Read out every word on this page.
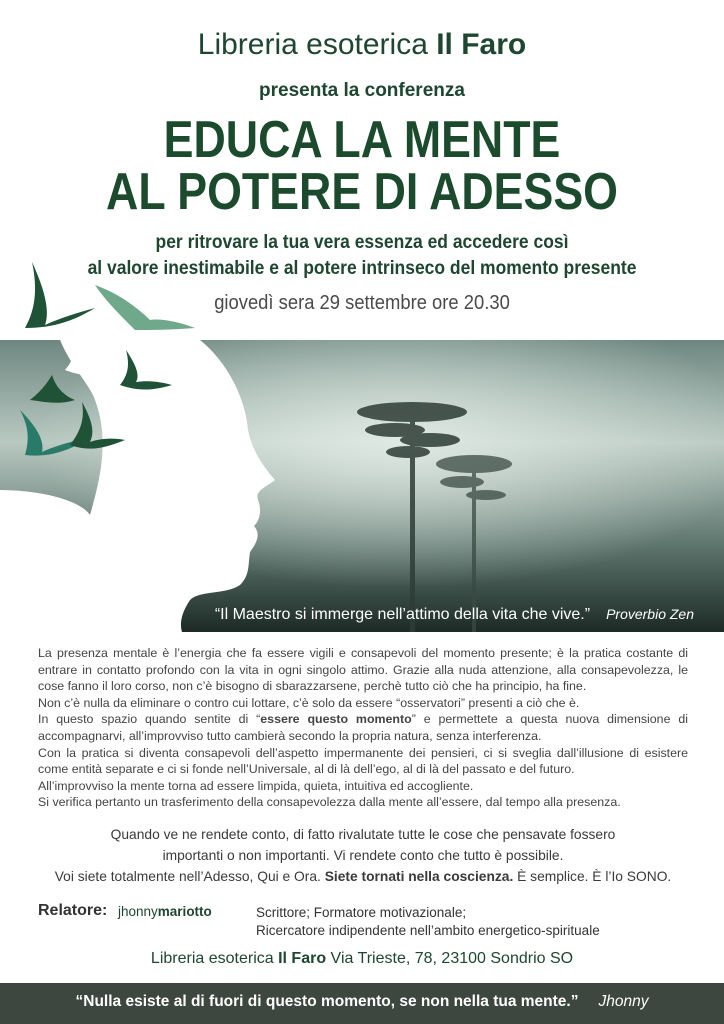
Libreria esoterica Il Faro
presenta la conferenza
EDUCA LA MENTE
AL POTERE DI ADESSO
per ritrovare la tua vera essenza ed accedere così
al valore inestimabile e al potere intrinseco del momento presente
giovedì sera 29 settembre ore 20.30
“Il Maestro si immerge nell’attimo della vita che vive.” Proverbio Zen

La presenza mentale è l’energia che fa essere vigili e consapevoli del momento presente; è la pratica costante di entrare in contatto profondo con la vita in ogni singolo attimo. Grazie alla nuda attenzione, alla consapevolezza, le cose fanno il loro corso, non c’è bisogno di sbarazzarsene, perchè tutto ciò che ha principio, ha fine.

Non c’è nulla da eliminare o contro cui lottare, c’è solo da essere “osservatori” presenti a ciò che è.

In questo spazio quando sentite di “essere questo momento” e permettete a questa nuova dimensione di accompagnarvi, all’improvviso tutto cambierà secondo la propria natura, senza interferenza.

Con la pratica si diventa consapevoli dell’aspetto impermanente dei pensieri, ci si sveglia dall’illusione di esistere come entità separate e ci si fonde nell’Universale, al di là dell’ego, al di là del passato e del futuro.

All’improvviso la mente torna ad essere limpida, quieta, intuitiva ed accogliente.

Si verifica pertanto un trasferimento della consapevolezza dalla mente all’essere, dal tempo alla presenza.

Quando ve ne rendete conto, di fatto rivalutate tutte le cose che pensavate fossero

importanti o non importanti. Vi rendete conto che tutto è possibile.

Voi siete totalmente nell’Adesso, Qui e Ora. Siete tornati nella coscienza. È semplice. È l’Io SONO.

Relatore: jhonnymariotto	Scrittore; Formatore motivazionale;
Ricercatore indipendente nell’ambito energetico-spirituale
Libreria esoterica Il Faro Via Trieste, 78, 23100 Sondrio SO
“Nulla esiste al di fuori di questo momento, se non nella tua mente.” Jhonny
